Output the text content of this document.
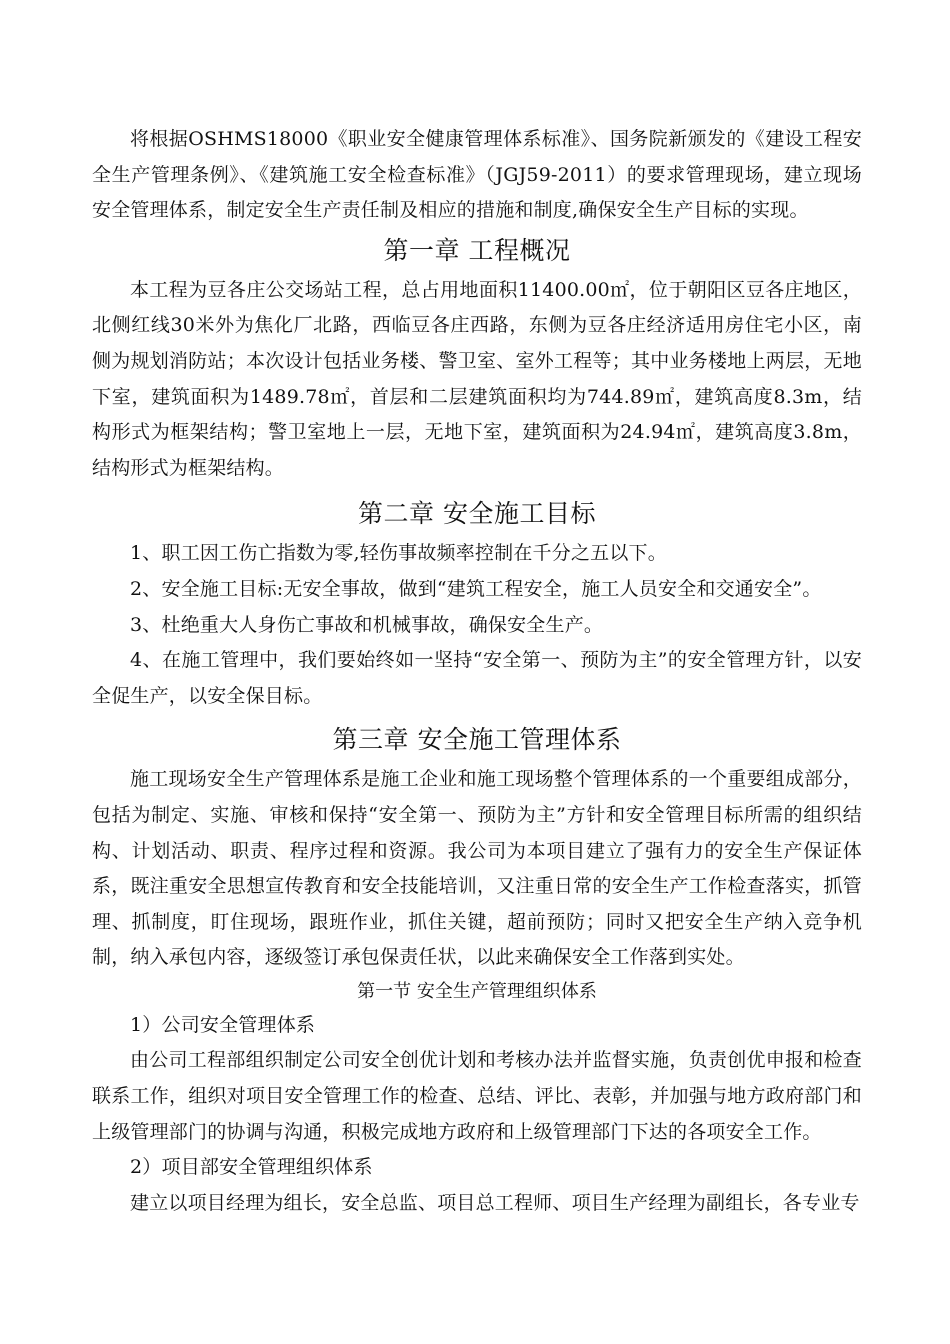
将根据OSHMS18000《职业安全健康管理体系标准》、国务院新颁发的《建设工程安全生产管理条例》、《建筑施工安全检查标准》（JGJ59-2011）的要求管理现场，建立现场安全管理体系，制定安全生产责任制及相应的措施和制度,确保安全生产目标的实现。

第一章 工程概况

本工程为豆各庄公交场站工程，总占用地面积11400.00㎡，位于朝阳区豆各庄地区，北侧红线30米外为焦化厂北路，西临豆各庄西路，东侧为豆各庄经济适用房住宅小区，南侧为规划消防站；本次设计包括业务楼、警卫室、室外工程等；其中业务楼地上两层，无地下室，建筑面积为1489.78㎡，首层和二层建筑面积均为744.89㎡，建筑高度8.3m，结构形式为框架结构；警卫室地上一层，无地下室，建筑面积为24.94㎡，建筑高度3.8m，结构形式为框架结构。

第二章 安全施工目标

1、职工因工伤亡指数为零,轻伤事故频率控制在千分之五以下。

2、安全施工目标:无安全事故，做到“建筑工程安全，施工人员安全和交通安全”。

3、杜绝重大人身伤亡事故和机械事故，确保安全生产。

4、在施工管理中，我们要始终如一坚持“安全第一、预防为主”的安全管理方针，以安全促生产，以安全保目标。

第三章 安全施工管理体系

施工现场安全生产管理体系是施工企业和施工现场整个管理体系的一个重要组成部分，包括为制定、实施、审核和保持“安全第一、预防为主”方针和安全管理目标所需的组织结构、计划活动、职责、程序过程和资源。我公司为本项目建立了强有力的安全生产保证体系，既注重安全思想宣传教育和安全技能培训，又注重日常的安全生产工作检查落实，抓管理、抓制度，盯住现场，跟班作业，抓住关键，超前预防；同时又把安全生产纳入竞争机制，纳入承包内容，逐级签订承包保责任状，以此来确保安全工作落到实处。

第一节 安全生产管理组织体系

1）公司安全管理体系

由公司工程部组织制定公司安全创优计划和考核办法并监督实施，负责创优申报和检查联系工作，组织对项目安全管理工作的检查、总结、评比、表彰，并加强与地方政府部门和上级管理部门的协调与沟通，积极完成地方政府和上级管理部门下达的各项安全工作。

2）项目部安全管理组织体系

建立以项目经理为组长，安全总监、项目总工程师、项目生产经理为副组长，各专业专
